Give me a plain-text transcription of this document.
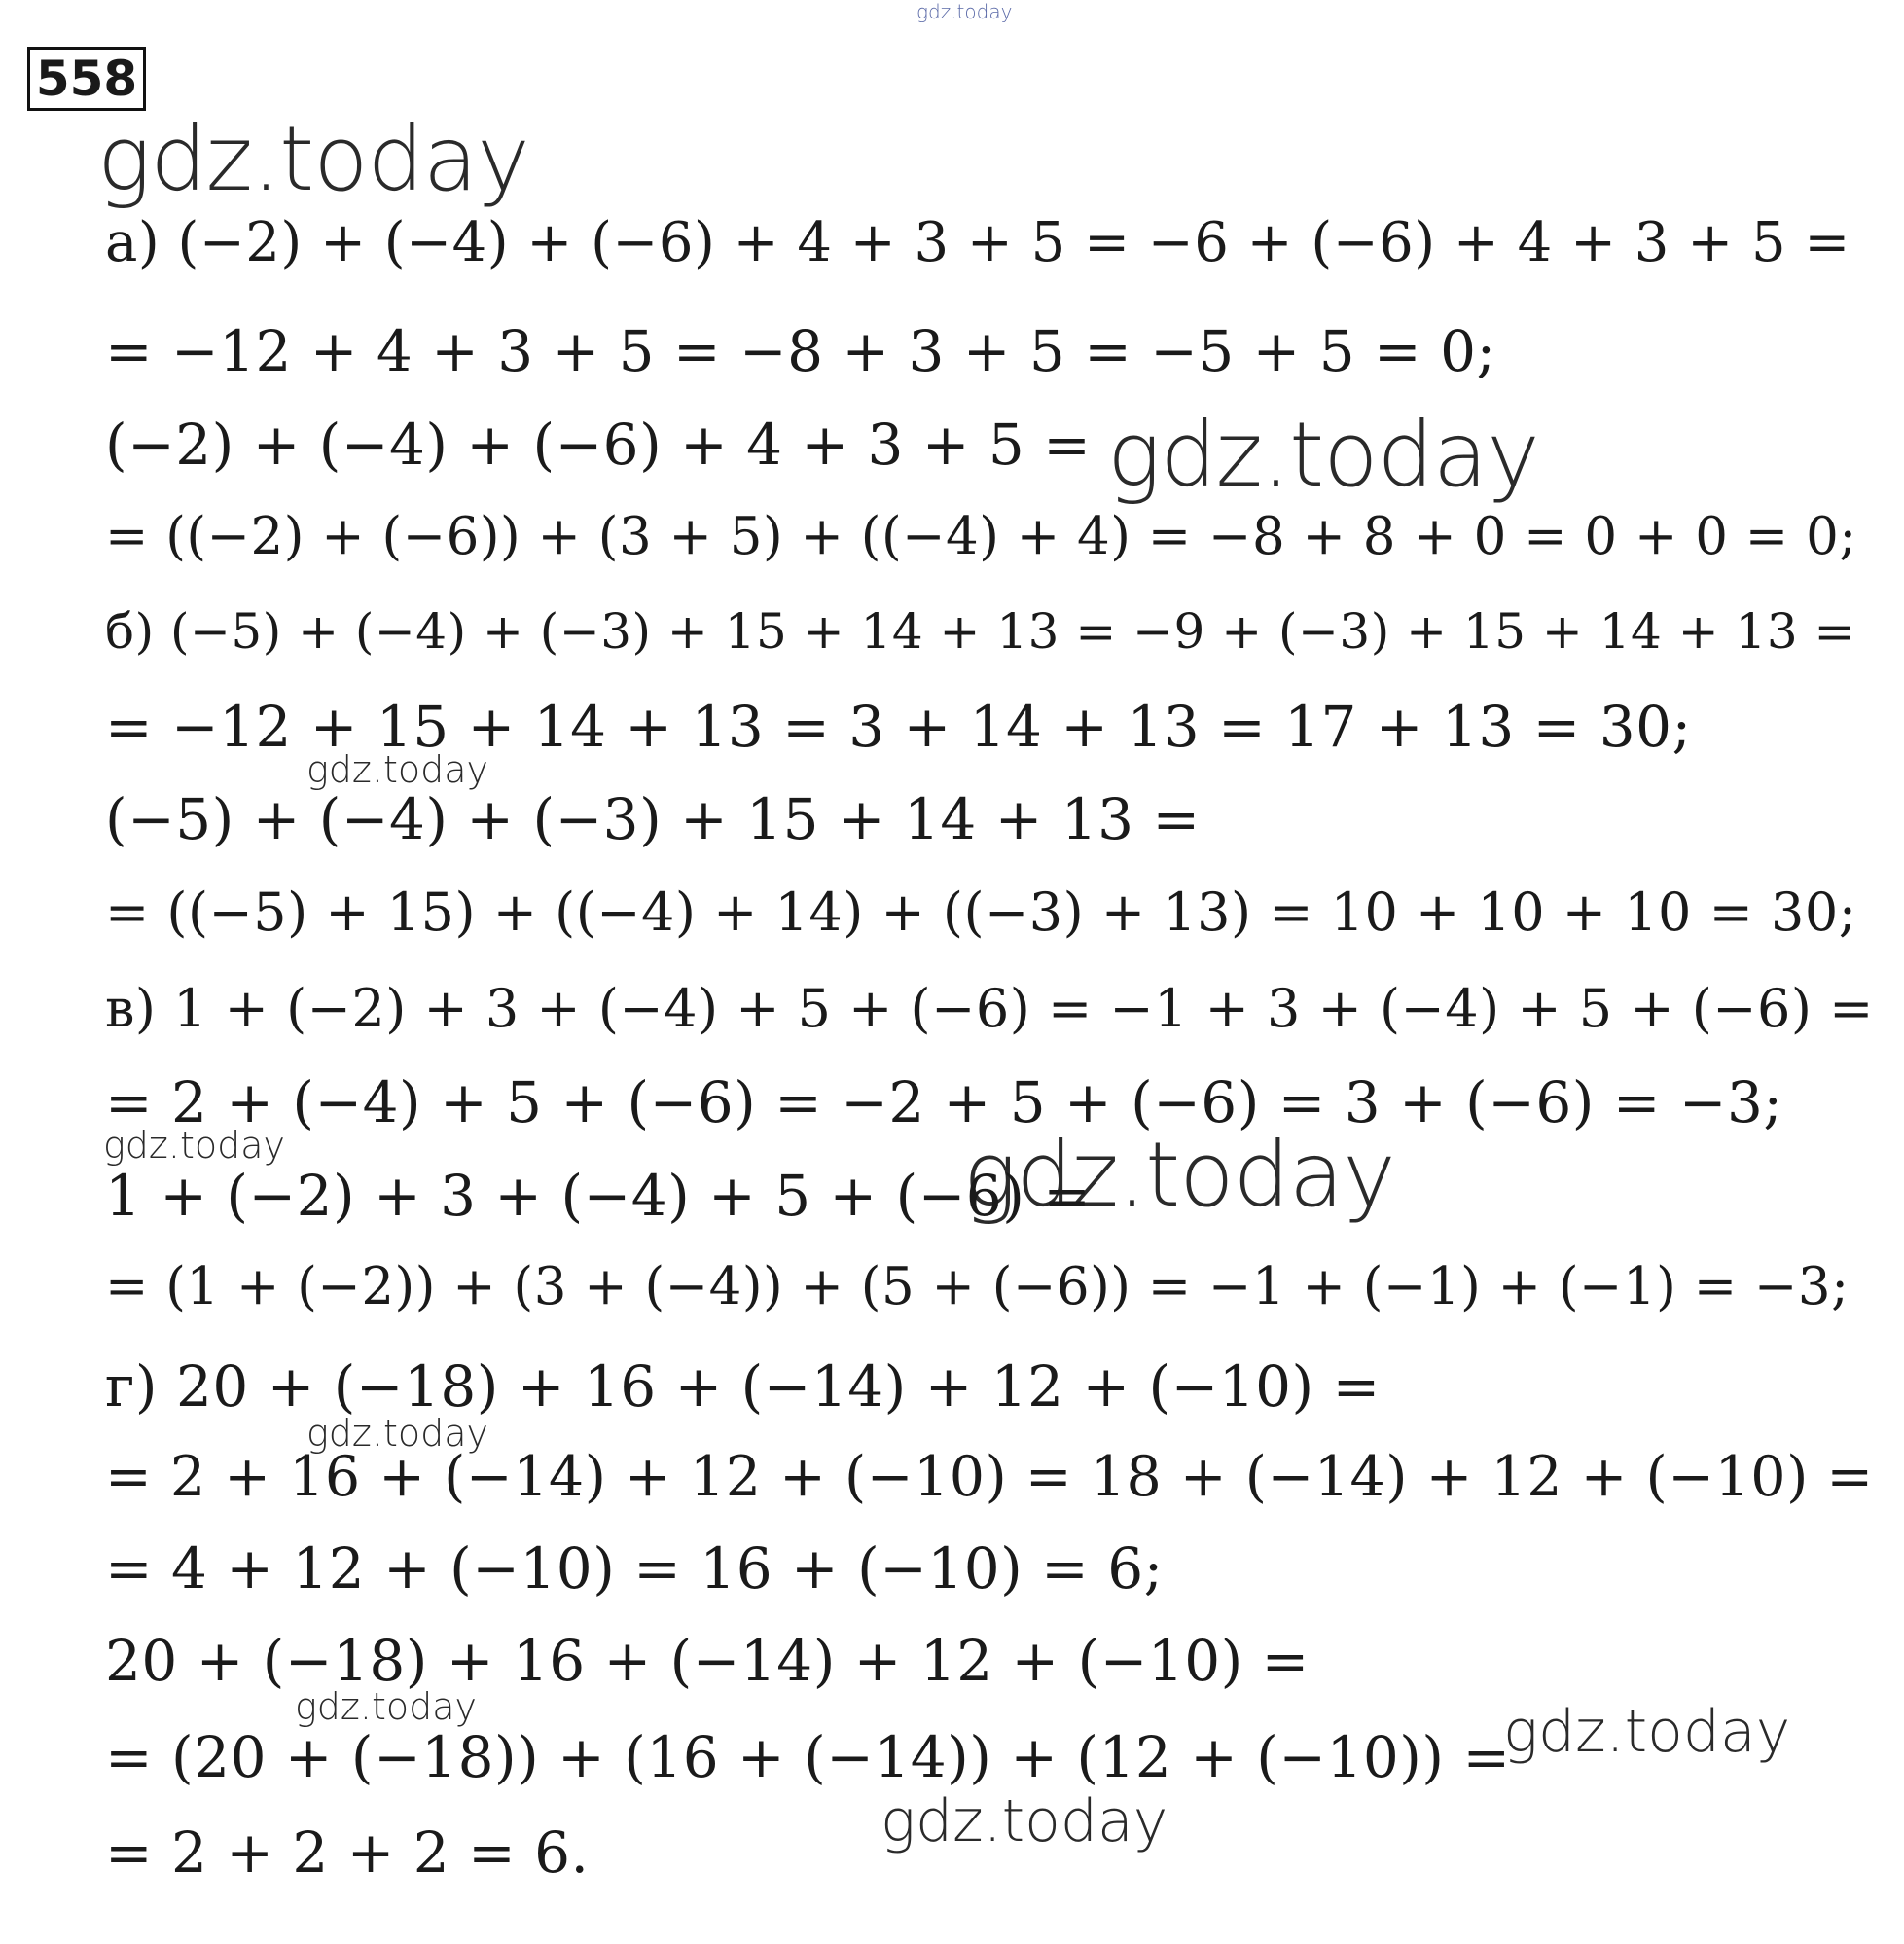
gdz.today
558
gdz.today
gdz.today
gdz.today
gdz.today	gdz.today
gdz.today
gdz.today	gdz.today
gdz.today
а) (−2) + (−4) + (−6) + 4 + 3 + 5 = −6 + (−6) + 4 + 3 + 5 =
= −12 + 4 + 3 + 5 = −8 + 3 + 5 = −5 + 5 = 0;
(−2) + (−4) + (−6) + 4 + 3 + 5 =
= ((−2) + (−6)) + (3 + 5) + ((−4) + 4) = −8 + 8 + 0 = 0 + 0 = 0;
б) (−5) + (−4) + (−3) + 15 + 14 + 13 = −9 + (−3) + 15 + 14 + 13 =
= −12 + 15 + 14 + 13 = 3 + 14 + 13 = 17 + 13 = 30;
(−5) + (−4) + (−3) + 15 + 14 + 13 =
= ((−5) + 15) + ((−4) + 14) + ((−3) + 13) = 10 + 10 + 10 = 30;
в) 1 + (−2) + 3 + (−4) + 5 + (−6) = −1 + 3 + (−4) + 5 + (−6) =
= 2 + (−4) + 5 + (−6) = −2 + 5 + (−6) = 3 + (−6) = −3;
1 + (−2) + 3 + (−4) + 5 + (−6) =
= (1 + (−2)) + (3 + (−4)) + (5 + (−6)) = −1 + (−1) + (−1) = −3;
г) 20 + (−18) + 16 + (−14) + 12 + (−10) =
= 2 + 16 + (−14) + 12 + (−10) = 18 + (−14) + 12 + (−10) =
= 4 + 12 + (−10) = 16 + (−10) = 6;
20 + (−18) + 16 + (−14) + 12 + (−10) =
= (20 + (−18)) + (16 + (−14)) + (12 + (−10)) =
= 2 + 2 + 2 = 6.
